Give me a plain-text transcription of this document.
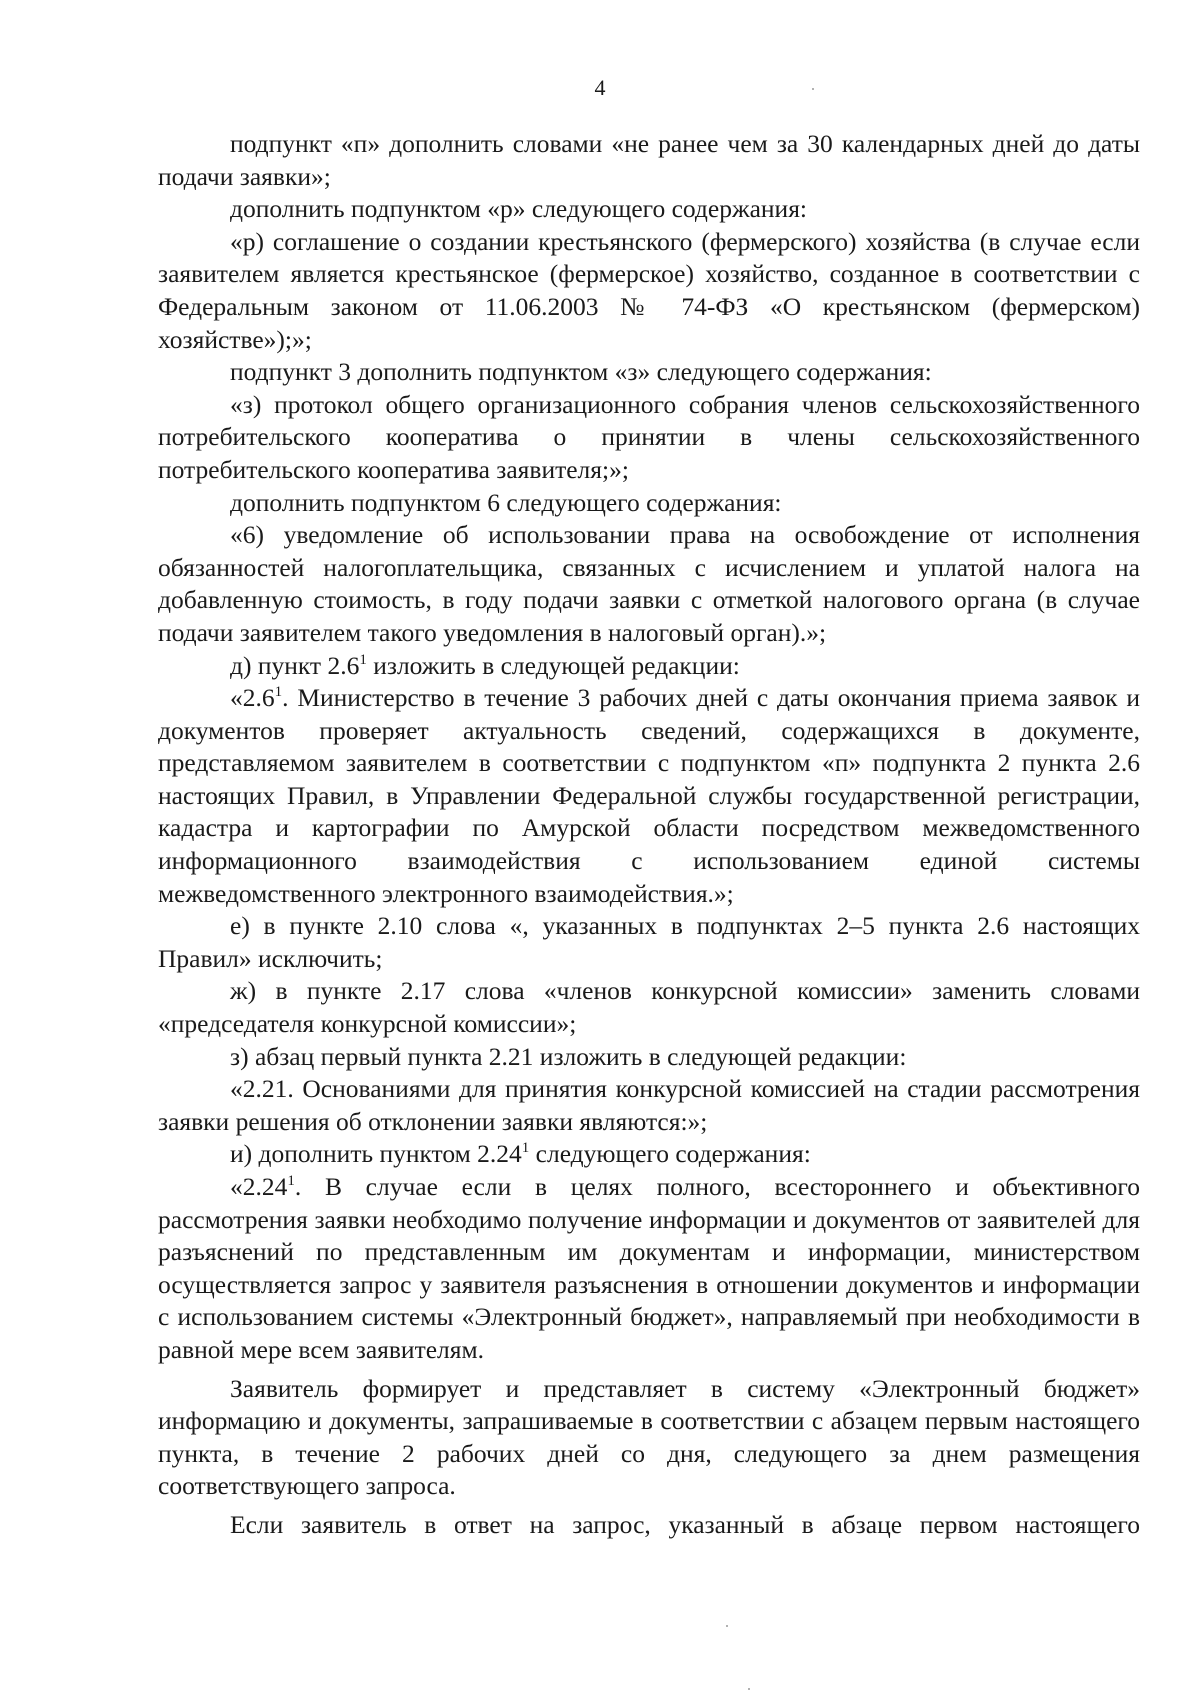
4

подпункт «п» дополнить словами «не ранее чем за 30 календарных дней до даты подачи заявки»;

дополнить подпунктом «р» следующего содержания:

«р) соглашение о создании крестьянского (фермерского) хозяйства (в случае если заявителем является крестьянское (фермерское) хозяйство, созданное в соответствии с Федеральным законом от 11.06.2003 № 74-ФЗ «О крестьянском (фермерском) хозяйстве»);»;

подпункт 3 дополнить подпунктом «з» следующего содержания:

«з) протокол общего организационного собрания членов сельскохозяйственного потребительского кооператива о принятии в члены сельскохозяйственного потребительского кооператива заявителя;»;

дополнить подпунктом 6 следующего содержания:

«6) уведомление об использовании права на освобождение от исполнения обязанностей налогоплательщика, связанных с исчислением и уплатой налога на добавленную стоимость, в году подачи заявки с отметкой налогового органа (в случае подачи заявителем такого уведомления в налоговый орган).»;

д) пункт $2.6^1$ изложить в следующей редакции:

«$2.6^1$. Министерство в течение 3 рабочих дней с даты окончания приема заявок и документов проверяет актуальность сведений, содержащихся в документе, представляемом заявителем в соответствии с подпунктом «п» подпункта 2 пункта 2.6 настоящих Правил, в Управлении Федеральной службы государственной регистрации, кадастра и картографии по Амурской области посредством межведомственного информационного взаимодействия с использованием единой системы межведомственного электронного взаимодействия.»;

е) в пункте 2.10 слова «, указанных в подпунктах 2–5 пункта 2.6 настоящих Правил» исключить;

ж) в пункте 2.17 слова «членов конкурсной комиссии» заменить словами «председателя конкурсной комиссии»;

з) абзац первый пункта 2.21 изложить в следующей редакции:

«2.21. Основаниями для принятия конкурсной комиссией на стадии рассмотрения заявки решения об отклонении заявки являются:»;

и) дополнить пунктом 2.24$^1$ следующего содержания:

«2.24$^1$. В случае если в целях полного, всестороннего и объективного рассмотрения заявки необходимо получение информации и документов от заявителей для разъяснений по представленным им документам и информации, министерством осуществляется запрос у заявителя разъяснения в отношении документов и информации с использованием системы «Электронный бюджет», направляемый при необходимости в равной мере всем заявителям.

Заявитель формирует и представляет в систему «Электронный бюджет» информацию и документы, запрашиваемые в соответствии с абзацем первым настоящего пункта, в течение 2 рабочих дней со дня, следующего за днем размещения соответствующего запроса.

Если заявитель в ответ на запрос, указанный в абзаце первом настоящего
